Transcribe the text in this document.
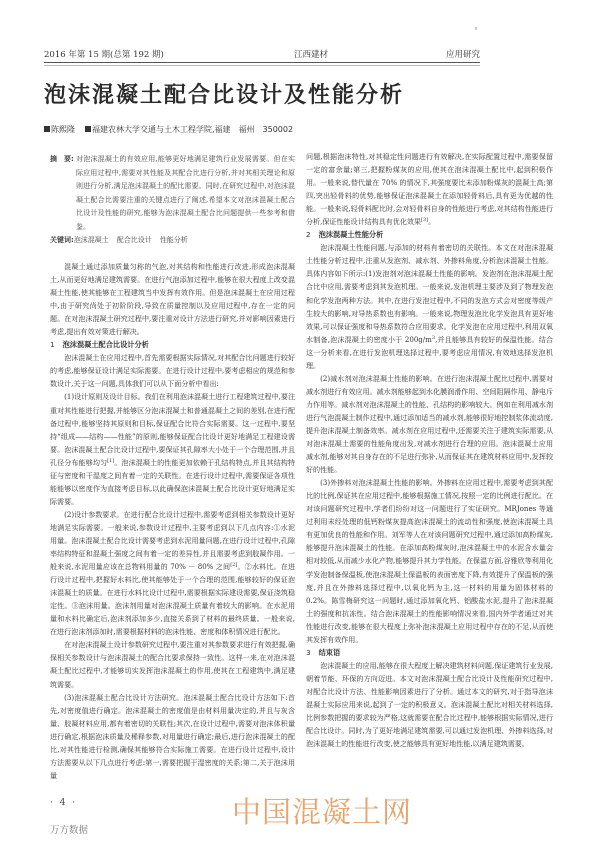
2016 年第 15 期(总第 192 期)	江西建材	应用研究
泡沫混凝土配合比设计及性能分析
陈熙隆 福建农林大学交通与土木工程学院,福建　福州　350002
摘　要: 对泡沫混凝土的有效应用,能够更好地满足建筑行业发展需要。但在实际应用过程中,需要对其性能及其配合比进行分析,并对其相关理论和原则进行分析,满足泡沫混凝土的配比需要。同时,在研究过程中,对泡沫混凝土配合比需要注重的关键点进行了阐述,希望本文对泡沫混凝土配合比设计及性能的研究,能够为泡沫混凝土配合比问题提供一些参考和借鉴。
关键词:泡沫混凝土 配合比设计 性能分析

混凝土通过添加质量匀称的气泡,对其结构和性能进行改进,形成泡沫混凝土,从而更好地满足建筑需要。在进行气泡添加过程中,能够在很大程度上改变混凝土性能,使其能够在工程建筑当中发挥有效作用。但是泡沫混凝土在应用过程中,由于研究尚处于初阶阶段,导致在质量控制以及应用过程中,存在一定的问题。在对泡沫混凝土研究过程中,要注重对设计方法进行研究,并对影响因素进行考虑,提出有效对策进行解决。

1 泡沫混凝土配合比设计分析

泡沫混凝土在应用过程中,首先需要根据实际情况,对其配合比问题进行较好的考虑,能够保证设计满足实际需要。在进行设计过程中,要考虑相应的规范和参数设计,关于这一问题,具体我们可以从下面分析中看出:

(1)设计原则及设计目标。我们在利用泡沫混凝土进行工程建筑过程中,要注重对其性能进行把握,并能够区分泡沫混凝土和普通混凝土之间的差别,在进行配备过程中,能够坚持其原则和目标,保证配合比符合实际需要。这一过程中,要坚持“组成——结构——性能”的原则,能够保证配合比设计更好地满足工程建设需要。泡沫混凝土配合比设计过程中,要保证其孔隙率大小处于一个合理范围,并且孔径分布能够均匀[1]。泡沫混凝土的性能更加依赖于孔结构特点,并且其结构特征与密度和干湿度之间有着一定的关联性。在进行设计过程中,需要保证各项性能能够以密度作为直接考虑目标,以此确保泡沫混凝土配合比设计更好地满足实际需要。

(2)设计参数要求。在进行配合比设计过程中,需要考虑到相关参数设计更好地满足实际需要。一般来说,参数设计过程中,主要考虑到以下几点内容:①水泥用量。泡沫混凝土配合比设计需要考虑到水泥用量问题,在进行设计过程中,孔隙率结构特征和混凝土强度之间有着一定的差异性,并且需要考虑到胶凝作用。一般来说,水泥用量应该在总物料用量的 70% － 80% 之间[2]。②水料比。在进行设计过程中,把握好水料比,使其能够处于一个合理的范围,能够较好的保证泡沫混凝土的质量。在进行水料比设计过程中,需要根据实际建设需要,保证浇筑稳定性。③泡沫用量。泡沫剂用量对泡沫混凝土质量有着较大的影响。在水泥用量和水料比确定后,泡沫剂添加多少,直接关系到了材料的最终质量。一般来说,在进行泡沫剂添加时,需要根据材料的泡沫性能、密度和体积情况进行配比。

在对泡沫混凝土设计参数研究过程中,要注重对其参数要求进行有效把握,确保相关参数设计与泡沫混凝土的配合比要求保持一致性。这样一来,在对泡沫混凝土配比过程中,才能够切实发挥泡沫混凝土的作用,使其在工程建筑中,满足建筑需要。

(3)泡沫混凝土配合比设计方法研究。泡沫混凝土配合比设计方法如下:首先,对密度值进行确定。泡沫混凝土的密度值是由材料用量决定的,并且与灰含量、胶凝材料应用,都有着密切的关联性;其次,在设计过程中,需要对泡沫体积量进行确定,根据泡沫质量及稀释参数,对用量进行确定;最后,进行泡沫混凝土的配比,对其性能进行检测,确保其能够符合实际施工需要。在进行设计过程中,设计方法需要从以下几点进行考虑:第一,需要把握干湿密度的关系;第二,关于泡沫用量

问题,根据泡沫特性,对其稳定性问题进行有效解决,在实际配置过程中,需要保留一定的富余量;第三,把握粉煤灰的应用,使其在泡沫混凝土配比中,起到积极作用。一般来说,替代量在 70% 的情况下,其强度要比未添加粉煤灰的混凝土高;第四,突出轻骨料的优势,能够保证泡沫混凝土在添加轻骨料后,具有更为优越的性能。一般来说,轻骨料配比时,会对轻骨料自身的性能进行考虑,对其结构性能进行分析,保证性能设计结构具有优化效果[3]。

2 泡沫混凝土性能分析

泡沫混凝土性能问题,与添加的材料有着密切的关联性。本文在对泡沫混凝土性能分析过程中,注重从发泡剂、减水剂、外掺料角度,分析泡沫混凝土性能。具体内容如下所示:(1)发泡剂对泡沫混凝土性能的影响。发泡剂在泡沫混凝土配合比中应用,需要考虑到其发泡机理。一般来说,发泡机理主要涉及到了物理发泡和化学发泡两种方法。其中,在进行发泡过程中,不同的发泡方式会对密度等级产生较大的影响,对导热系数也有影响。一般来说,物理发泡比化学发泡具有更好地效果,可以保证强度和导热系数符合应用要求。化学发泡在应用过程中,利用双氧水制备,泡沫混凝土的密度小于 $200g/m^3$,并且能够具有较好的保温性能。结合这一分析来看,在进行发泡机理选择过程中,要考虑应用情况,有效地选择发泡机理。

(2)减水剂对泡沫混凝土性能的影响。在进行泡沫混凝土配比过程中,需要对减水剂进行有效应用。减水剂能够起到水化膜润滑作用、空间阻隔作用、静电斥力作用等。减水剂对泡沫混凝土的性能、孔结构的影响较大。例如在利用减水剂进行气泡混凝土制作过程中,通过添加适当的减水剂,能够很好地控制浆体流动度,提升泡沫混凝土制备效率。减水剂在应用过程中,还需要关注于建筑实际需要,从对泡沫混凝土需要的性能角度出发,对减水剂进行合理的应用。泡沫混凝土应用减水剂,能够对其自身存在的不足进行弥补,从而保证其在建筑材料应用中,发挥较好的性能。

(3)外掺料对泡沫混凝土性能的影响。外掺料在应用过程中,需要考虑到其配比的比例,保证其在应用过程中,能够根据施工情况,按照一定的比例进行配比。在对该问题研究过程中,学者们纷纷对这一问题进行了实证研究。MRJones 等通过利用未经处理的低钙粉煤灰提高泡沫混凝土的流动性和强度,使泡沫混凝土具有更加优良的性能和作用。刘军等人在对该问题研究过程中,通过添加高粉煤灰,能够提升泡沫混凝土的性能。在添加高粉煤灰时,泡沫混凝土中的水泥含水量会相对较低,从而减少水化产物,能够提升其力学性能。在保温方面,谷雅欣等利用化学发泡制备保温板,使泡沫混凝土保温板的表面密度下降,有效提升了保温板的强度,并且在外掺料选择过程中,以氧化钙为主,这一材料的用量为固体材料的 0.2%。陈雪梅研究这一问题时,通过添加氧化钙、铝酸盐水泥,提升了泡沫混凝土的强度和抗冻性。结合泡沫混凝土的性能影响情况来看,国内外学者通过对其性能进行改变,能够在很大程度上弥补泡沫混凝土应用过程中存在的不足,从而使其发挥有效作用。

3 结束语

泡沫混凝土的应用,能够在很大程度上解决建筑材料问题,保证建筑行业发展,朝着节能、环保的方向迈进。本文对泡沫混凝土配合比设计及性能研究过程中,对配合比设计方法、性能影响因素进行了分析。通过本文的研究,对于指导泡沫混凝土实际应用来说,起到了一定的积极意义。泡沫混凝土配比对相关材料选择,比例参数把握的要求较为严格,这就需要在配合比过程中,能够根据实际情况,进行配合比设计。同时,为了更好地满足建筑需要,可以通过发泡机理、外掺料选择,对泡沫混凝土的性能进行改变,使之能够具有更好地性能,以满足建筑需要。

· 4 ·
万方数据
中国混凝土网
